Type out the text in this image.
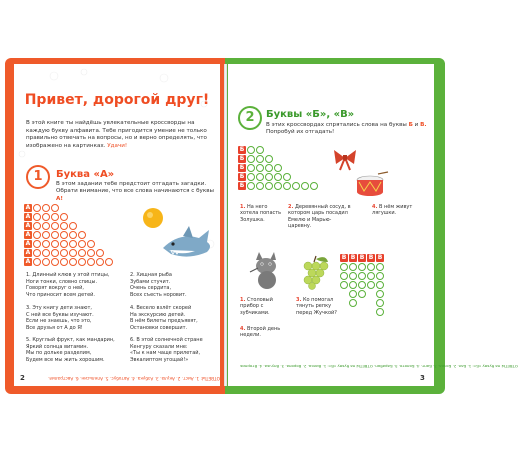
Привет, дорогой друг!
В этой книге ты найдёшь увлекательные кроссворды на каждую букву алфавита. Тебе пригодится умение не только правильно отвечать на вопросы, но и верно определять, что изображено на картинках. Удачи!
1	Буква «А»
В этом задании тебе предстоит отгадать загадки. Обрати внимание, что все слова начинаются с буквы А!
А
А
А
А
А
А
А
1. Длинный клюв у этой птицы,
Ноги тонки, словно спицы.
Говорят вокруг о ней,
Что приносит всем детей.
2. Хищная рыба
Зубами стучит.
Очень сердита,
Всех съесть норовит.
3. Эту книгу дети знают,
С ней все буквы изучают.
Если не знаешь, что это,
Все друзья от А до Я!
4. Весело взлёт скорей
На экскурсию детей.
В нём билеты предъявят,
Остановки совершит.
5. Круглый фрукт, как мандарин,
Яркий солнца витамин.
Мы по дольке разделим,
Будем все мы жить хорошим.
6. В этой солнечной стране
Кенгуру сказали мне:
«Ты к нам чаще прилетай,
Эвкалиптом угощай!»
ОТВЕТЫ: 1. Аист. 2. Акула. 3. Азбука. 4. Автобус. 5. Апельсин. 6. Австралия.
2
2	Буквы «Б», «В»
В этих кроссвордах спрятались слова на буквы Б и В. Попробуй их отгадать!
Б
Б
Б
Б
Б
1. На него хотела попасть Золушка.
2. Деревянный сосуд, в котором царь посадил Емелю и Марью-царевну.
4. В нём живут лягушки.
В В В В В
1. Столовый прибор с зубчиками.
3. Ко помогал тянуть репку перед Жучкой?
4. Второй день недели.
ОТВЕТЫ на букву «Б»: 1. Бал. 2. Бочка. 3. Бант. 4. Болото. 5. Барабан. ОТВЕТЫ на букву «В»: 1. Вилка. 2. Ворона. 3. Внучка. 4. Вторник
3
